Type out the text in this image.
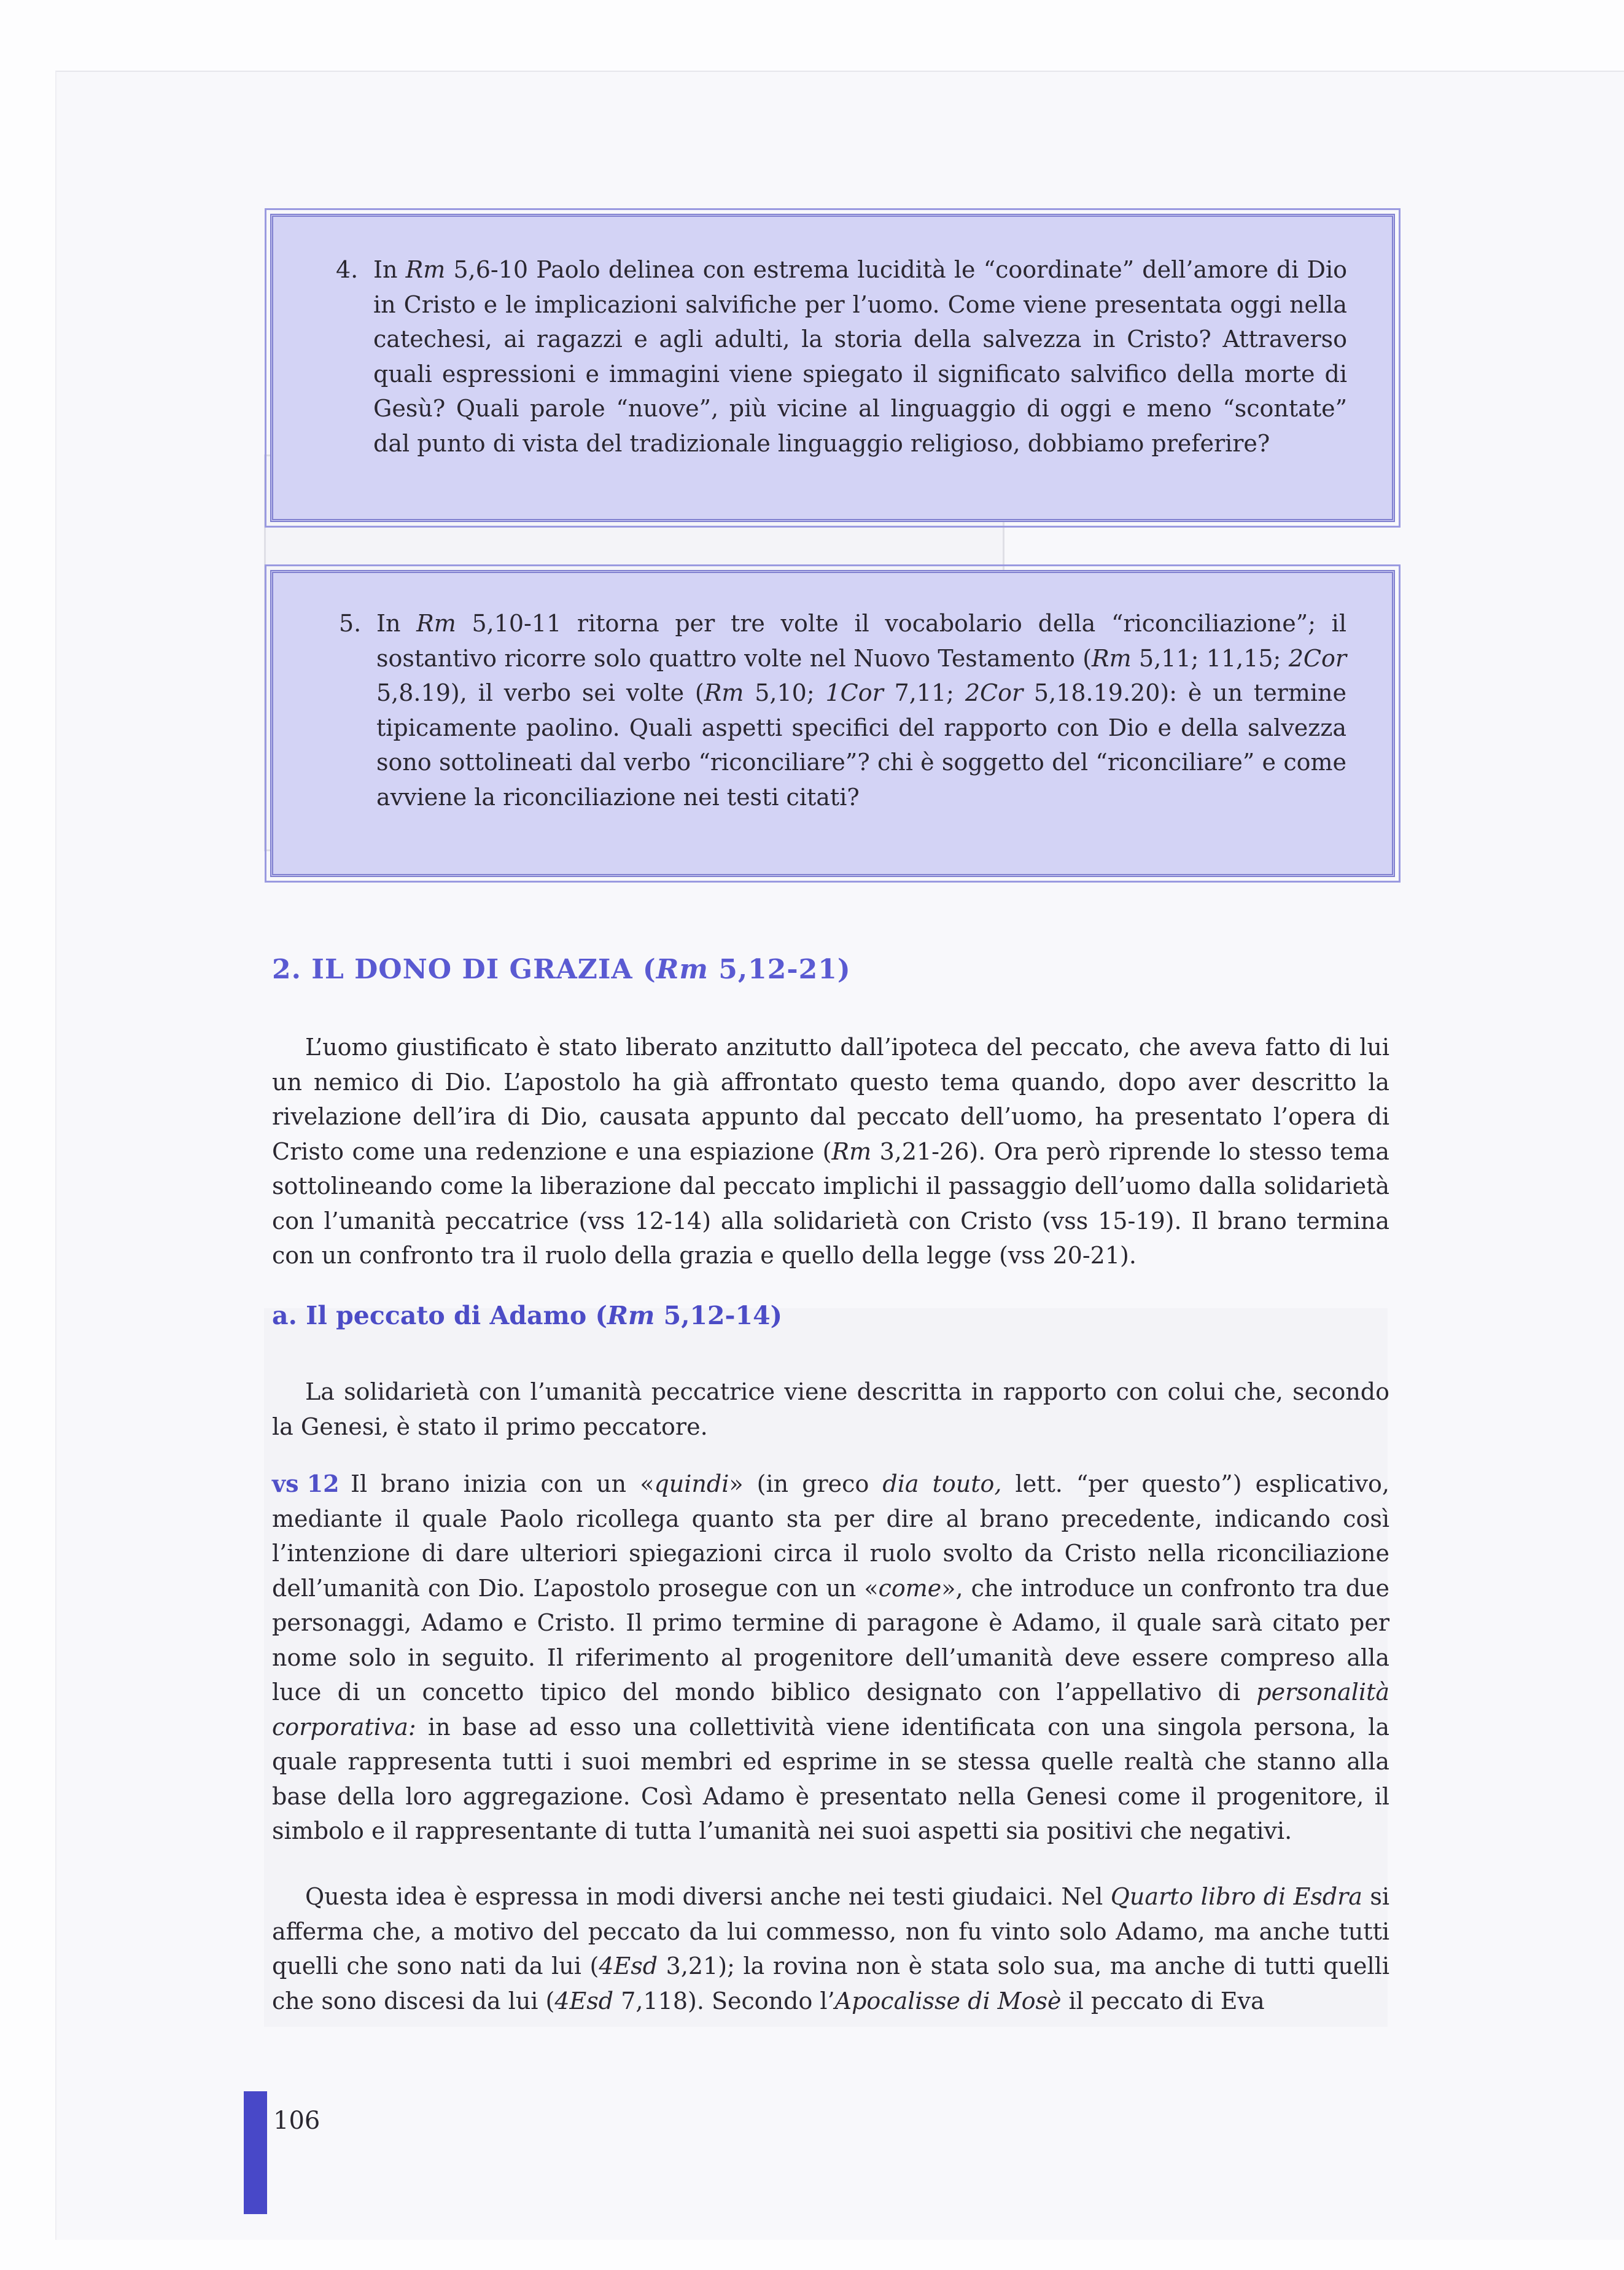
4. In Rm 5,6-10 Paolo delinea con estrema lucidità le “coordinate” dell’amore di Dio in Cristo e le implicazioni salvifiche per l’uomo. Come viene presentata oggi nella catechesi, ai ragazzi e agli adulti, la storia della salvezza in Cristo? Attraverso quali espressioni e immagini viene spiegato il significato salvifico della morte di Gesù? Quali parole “nuove”, più vicine al linguaggio di oggi e meno “scontate” dal punto di vista del tradizionale linguaggio religioso, dobbiamo preferire?
5. In Rm 5,10-11 ritorna per tre volte il vocabolario della “riconciliazione”; il sostantivo ricorre solo quattro volte nel Nuovo Testamento (Rm 5,11; 11,15; 2Cor 5,8.19), il verbo sei volte (Rm 5,10; 1Cor 7,11; 2Cor 5,18.19.20): è un termine tipicamente paolino. Quali aspetti specifici del rapporto con Dio e della salvezza sono sottolineati dal verbo “riconciliare”? chi è soggetto del “riconciliare” e come avviene la riconciliazione nei testi citati?
2. IL DONO DI GRAZIA (Rm 5,12-21)

L’uomo giustificato è stato liberato anzitutto dall’ipoteca del peccato, che aveva fatto di lui un nemico di Dio. L’apostolo ha già affrontato questo tema quando, dopo aver descritto la rivelazione dell’ira di Dio, causata appunto dal peccato dell’uomo, ha presentato l’opera di Cristo come una redenzione e una espiazione (Rm 3,21-26). Ora però riprende lo stesso tema sottolineando come la liberazione dal peccato implichi il passaggio dell’uomo dalla solidarietà con l’umanità peccatrice (vss 12-14) alla solidarietà con Cristo (vss 15-19). Il brano termina con un confronto tra il ruolo della grazia e quello della legge (vss 20-21).

a. Il peccato di Adamo (Rm 5,12-14)

La solidarietà con l’umanità peccatrice viene descritta in rapporto con colui che, secondo la Genesi, è stato il primo peccatore.

vs 12 Il brano inizia con un «quindi» (in greco dia touto, lett. “per questo”) esplicativo, mediante il quale Paolo ricollega quanto sta per dire al brano precedente, indicando così l’intenzione di dare ulteriori spiegazioni circa il ruolo svolto da Cristo nella riconciliazione dell’umanità con Dio. L’apostolo prosegue con un «come», che introduce un confronto tra due personaggi, Adamo e Cristo. Il primo termine di paragone è Adamo, il quale sarà citato per nome solo in seguito. Il riferimento al progenitore dell’umanità deve essere compreso alla luce di un concetto tipico del mondo biblico designato con l’appellativo di personalità corporativa: in base ad esso una collettività viene identificata con una singola persona, la quale rappresenta tutti i suoi membri ed esprime in se stessa quelle realtà che stanno alla base della loro aggregazione. Così Adamo è presentato nella Genesi come il progenitore, il simbolo e il rappresentante di tutta l’umanità nei suoi aspetti sia positivi che negativi.

Questa idea è espressa in modi diversi anche nei testi giudaici. Nel Quarto libro di Esdra si afferma che, a motivo del peccato da lui commesso, non fu vinto solo Adamo, ma anche tutti quelli che sono nati da lui (4Esd 3,21); la rovina non è stata solo sua, ma anche di tutti quelli che sono discesi da lui (4Esd 7,118). Secondo l’Apocalisse di Mosè il peccato di Eva

106
